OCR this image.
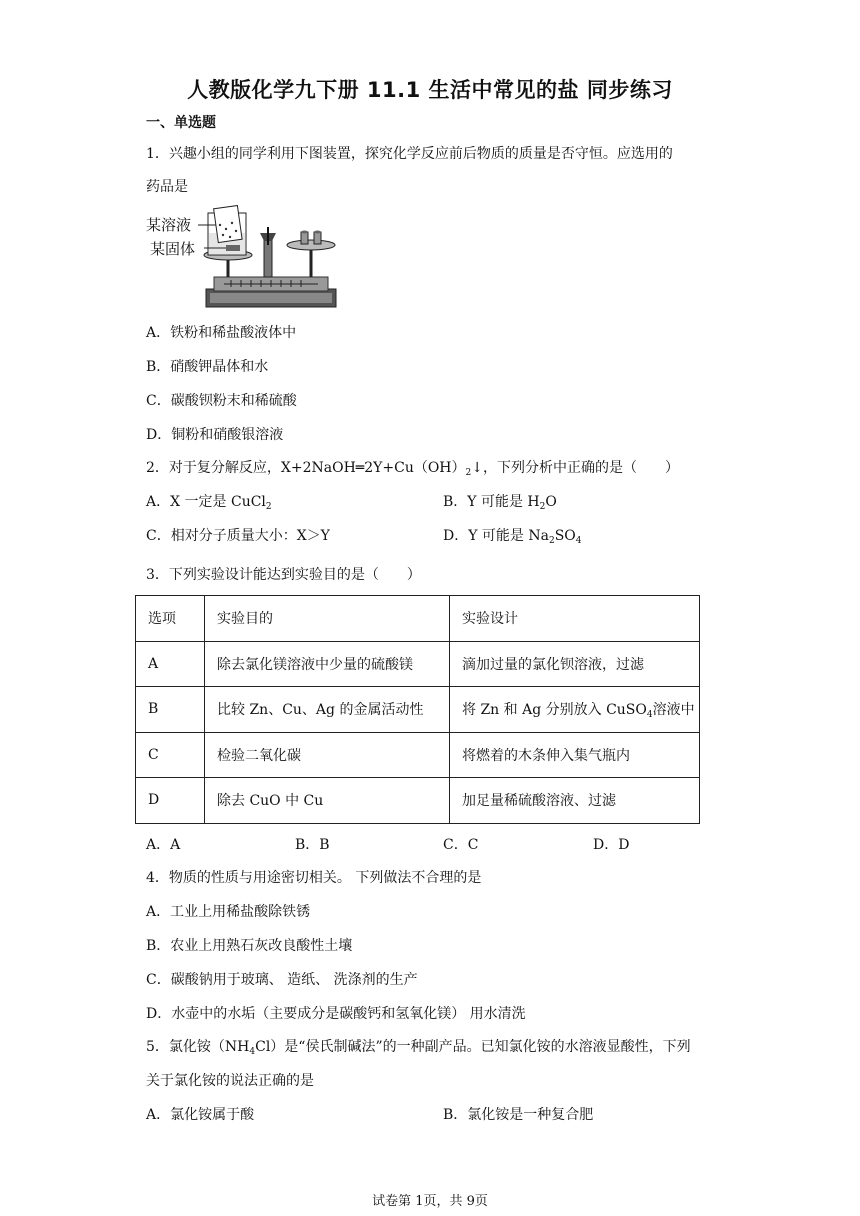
人教版化学九下册 11.1 生活中常见的盐 同步练习
一、单选题
1．兴趣小组的同学利用下图装置，探究化学反应前后物质的质量是否守恒。应选用的
药品是
某溶液
某固体
A．铁粉和稀盐酸液体中
B．硝酸钾晶体和水
C．碳酸钡粉末和稀硫酸
D．铜粉和硝酸银溶液
2．对于复分解反应，$X+2NaOH═2Y+Cu(OH)_2↓$，下列分析中正确的是（　　）
A．X 一定是 CuCl$_2$	B．Y 可能是 $H_2O$
C．相对分子质量大小：X＞Y	D．Y 可能是 $Na_2SO_4$
3．下列实验设计能达到实验目的是（　　）
选项	实验目的	实验设计
A	除去氯化镁溶液中少量的硫酸镁	滴加过量的氯化钡溶液，过滤
B	比较 Zn、Cu、Ag 的金属活动性	将 Zn 和 Ag 分别放入 CuSO$_4$溶液中
C	检验二氧化碳	将燃着的木条伸入集气瓶内
D	除去 CuO 中 Cu	加足量稀硫酸溶液、过滤
A．A	B．B	C．C	D．D
4．物质的性质与用途密切相关。 下列做法不合理的是
A．工业上用稀盐酸除铁锈
B．农业上用熟石灰改良酸性土壤
C．碳酸钠用于玻璃、 造纸、 洗涤剂的生产
D．水壶中的水垢（主要成分是碳酸钙和氢氧化镁） 用水清洗
5．氯化铵$(NH_4Cl)$是“侯氏制碱法”的一种副产品。已知氯化铵的水溶液显酸性，下列
关于氯化铵的说法正确的是
A．氯化铵属于酸	B．氯化铵是一种复合肥
试卷第 1页，共 9页
